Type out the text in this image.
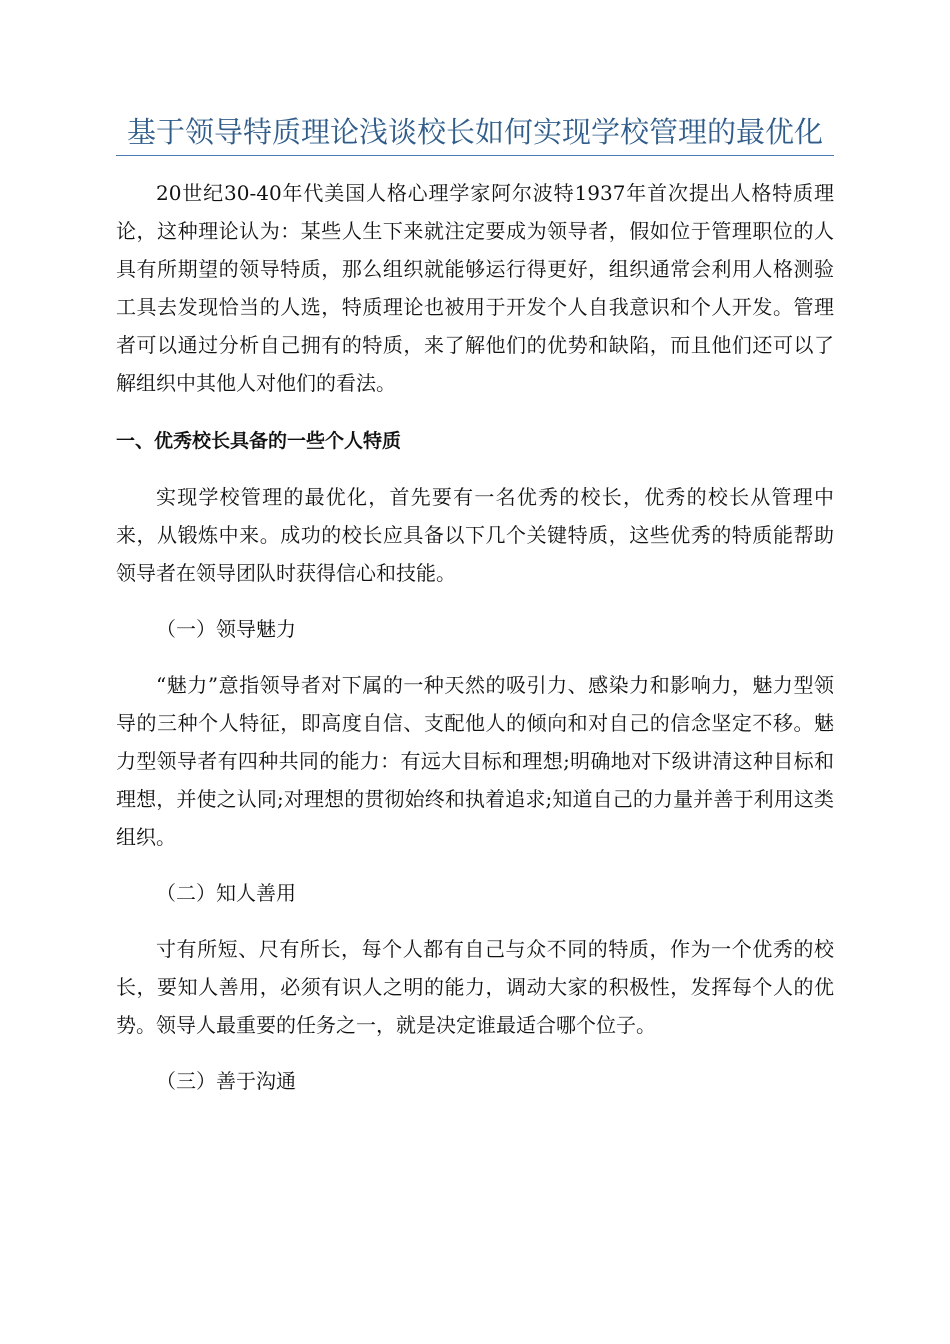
基于领导特质理论浅谈校长如何实现学校管理的最优化

20世纪30-40年代美国人格心理学家阿尔波特1937年首次提出人格特质理论，这种理论认为：某些人生下来就注定要成为领导者，假如位于管理职位的人具有所期望的领导特质，那么组织就能够运行得更好，组织通常会利用人格测验工具去发现恰当的人选，特质理论也被用于开发个人自我意识和个人开发。管理者可以通过分析自己拥有的特质，来了解他们的优势和缺陷，而且他们还可以了解组织中其他人对他们的看法。

一、优秀校长具备的一些个人特质

实现学校管理的最优化，首先要有一名优秀的校长，优秀的校长从管理中来，从锻炼中来。成功的校长应具备以下几个关键特质，这些优秀的特质能帮助领导者在领导团队时获得信心和技能。

（一）领导魅力

“魅力”意指领导者对下属的一种天然的吸引力、感染力和影响力，魅力型领导的三种个人特征，即高度自信、支配他人的倾向和对自己的信念坚定不移。魅力型领导者有四种共同的能力：有远大目标和理想;明确地对下级讲清这种目标和理想，并使之认同;对理想的贯彻始终和执着追求;知道自己的力量并善于利用这类组织。

（二）知人善用

寸有所短、尺有所长，每个人都有自己与众不同的特质，作为一个优秀的校长，要知人善用，必须有识人之明的能力，调动大家的积极性，发挥每个人的优势。领导人最重要的任务之一，就是决定谁最适合哪个位子。

（三）善于沟通
